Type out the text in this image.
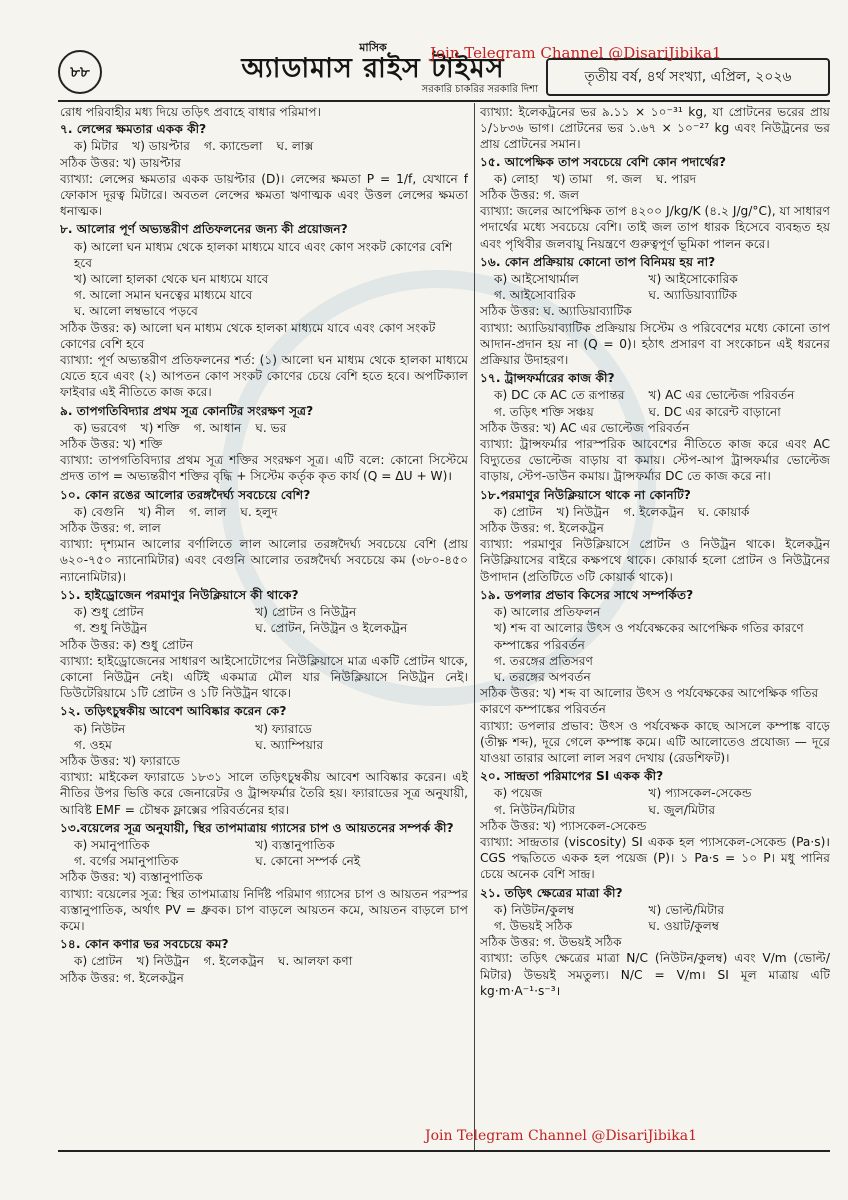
৮৮
মাসিক
অ্যাডামাস রাইস টাইমস
সরকারি চাকরির সরকারি দিশা
তৃতীয় বর্ষ, ৪র্থ সংখ্যা, এপ্রিল, ২০২৬
Join Telegram Channel @DisariJibika1

রোধ পরিবাহীর মধ্য দিয়ে তড়িৎ প্রবাহে বাধার পরিমাপ।

৭. লেন্সের ক্ষমতার একক কী?
ক) মিটার খ) ডায়প্টার গ. ক্যান্ডেলা ঘ. লাক্স
সঠিক উত্তর: খ) ডায়প্টার

ব্যাখ্যা: লেন্সের ক্ষমতার একক ডায়প্টার (D)। লেন্সের ক্ষমতা P = 1/f, যেখানে f ফোকাস দূরত্ব মিটারে। অবতল লেন্সের ক্ষমতা ঋণাত্মক এবং উত্তল লেন্সের ক্ষমতা ধনাত্মক।

৮. আলোর পূর্ণ অভ্যন্তরীণ প্রতিফলনের জন্য কী প্রয়োজন?
ক) আলো ঘন মাধ্যম থেকে হালকা মাধ্যমে যাবে এবং কোণ সংকট কোণের বেশি হবে
খ) আলো হালকা থেকে ঘন মাধ্যমে যাবে
গ. আলো সমান ঘনত্বের মাধ্যমে যাবে
ঘ. আলো লম্বভাবে পড়বে
সঠিক উত্তর: ক) আলো ঘন মাধ্যম থেকে হালকা মাধ্যমে যাবে এবং কোণ সংকট কোণের বেশি হবে

ব্যাখ্যা: পূর্ণ অভ্যন্তরীণ প্রতিফলনের শর্ত: (১) আলো ঘন মাধ্যম থেকে হালকা মাধ্যমে যেতে হবে এবং (২) আপতন কোণ সংকট কোণের চেয়ে বেশি হতে হবে। অপটিক্যাল ফাইবার এই নীতিতে কাজ করে।

৯. তাপগতিবিদ্যার প্রথম সূত্র কোনটির সংরক্ষণ সূত্র?
ক) ভরবেগ খ) শক্তি গ. আধান ঘ. ভর
সঠিক উত্তর: খ) শক্তি

ব্যাখ্যা: তাপগতিবিদ্যার প্রথম সূত্র শক্তির সংরক্ষণ সূত্র। এটি বলে: কোনো সিস্টেমে প্রদত্ত তাপ = অভ্যন্তরীণ শক্তির বৃদ্ধি + সিস্টেম কর্তৃক কৃত কার্য (Q = ΔU + W)।

১০. কোন রঙের আলোর তরঙ্গদৈর্ঘ্য সবচেয়ে বেশি?
ক) বেগুনি খ) নীল গ. লাল ঘ. হলুদ
সঠিক উত্তর: গ. লাল

ব্যাখ্যা: দৃশ্যমান আলোর বর্ণালিতে লাল আলোর তরঙ্গদৈর্ঘ্য সবচেয়ে বেশি (প্রায় ৬২০-৭৫০ ন্যানোমিটার) এবং বেগুনি আলোর তরঙ্গদৈর্ঘ্য সবচেয়ে কম (৩৮০-৪৫০ ন্যানোমিটার)।

১১. হাইড্রোজেন পরমাণুর নিউক্লিয়াসে কী থাকে?
ক) শুধু প্রোটন	খ) প্রোটন ও নিউট্রন
গ. শুধু নিউট্রন	ঘ. প্রোটন, নিউট্রন ও ইলেকট্রন
সঠিক উত্তর: ক) শুধু প্রোটন

ব্যাখ্যা: হাইড্রোজেনের সাধারণ আইসোটোপের নিউক্লিয়াসে মাত্র একটি প্রোটন থাকে, কোনো নিউট্রন নেই। এটিই একমাত্র মৌল যার নিউক্লিয়াসে নিউট্রন নেই। ডিউটেরিয়ামে ১টি প্রোটন ও ১টি নিউট্রন থাকে।

১২. তড়িৎচুম্বকীয় আবেশ আবিষ্কার করেন কে?
ক) নিউটন	খ) ফ্যারাডে
গ. ওহম	ঘ. অ্যাম্পিয়ার
সঠিক উত্তর: খ) ফ্যারাডে

ব্যাখ্যা: মাইকেল ফ্যারাডে ১৮৩১ সালে তড়িৎচুম্বকীয় আবেশ আবিষ্কার করেন। এই নীতির উপর ভিত্তি করে জেনারেটর ও ট্রান্সফর্মার তৈরি হয়। ফ্যারাডের সূত্র অনুযায়ী, আবিষ্ট EMF = চৌম্বক ফ্লাক্সের পরিবর্তনের হার।

১৩.বয়েলের সূত্র অনুযায়ী, স্থির তাপমাত্রায় গ্যাসের চাপ ও আয়তনের সম্পর্ক কী?
ক) সমানুপাতিক	খ) ব্যস্তানুপাতিক
গ. বর্গের সমানুপাতিক	ঘ. কোনো সম্পর্ক নেই
সঠিক উত্তর: খ) ব্যস্তানুপাতিক

ব্যাখ্যা: বয়েলের সূত্র: স্থির তাপমাত্রায় নির্দিষ্ট পরিমাণ গ্যাসের চাপ ও আয়তন পরস্পর ব্যস্তানুপাতিক, অর্থাৎ PV = ধ্রুবক। চাপ বাড়লে আয়তন কমে, আয়তন বাড়লে চাপ কমে।

১৪. কোন কণার ভর সবচেয়ে কম?
ক) প্রোটন খ) নিউট্রন গ. ইলেকট্রন ঘ. আলফা কণা
সঠিক উত্তর: গ. ইলেকট্রন

ব্যাখ্যা: ইলেকট্রনের ভর ৯.১১ × ১০⁻³¹ kg, যা প্রোটনের ভরের প্রায় ১/১৮৩৬ ভাগ। প্রোটনের ভর ১.৬৭ × ১০⁻²⁷ kg এবং নিউট্রনের ভর প্রায় প্রোটনের সমান।

১৫. আপেক্ষিক তাপ সবচেয়ে বেশি কোন পদার্থের?
ক) লোহা খ) তামা গ. জল ঘ. পারদ
সঠিক উত্তর: গ. জল

ব্যাখ্যা: জলের আপেক্ষিক তাপ ৪২০০ J/kg/K (৪.২ J/g/°C), যা সাধারণ পদার্থের মধ্যে সবচেয়ে বেশি। তাই জল তাপ ধারক হিসেবে ব্যবহৃত হয় এবং পৃথিবীর জলবায়ু নিয়ন্ত্রণে গুরুত্বপূর্ণ ভূমিকা পালন করে।

১৬. কোন প্রক্রিয়ায় কোনো তাপ বিনিময় হয় না?
ক) আইসোথার্মাল	খ) আইসোকোরিক
গ. আইসোবারিক	ঘ. অ্যাডিয়াব্যাটিক
সঠিক উত্তর: ঘ. অ্যাডিয়াব্যাটিক

ব্যাখ্যা: অ্যাডিয়াব্যাটিক প্রক্রিয়ায় সিস্টেম ও পরিবেশের মধ্যে কোনো তাপ আদান-প্রদান হয় না (Q = 0)। হঠাৎ প্রসারণ বা সংকোচন এই ধরনের প্রক্রিয়ার উদাহরণ।

১৭. ট্রান্সফর্মারের কাজ কী?
ক) DC কে AC তে রূপান্তর	খ) AC এর ভোল্টেজ পরিবর্তন
গ. তড়িৎ শক্তি সঞ্চয়	ঘ. DC এর কারেন্ট বাড়ানো
সঠিক উত্তর: খ) AC এর ভোল্টেজ পরিবর্তন

ব্যাখ্যা: ট্রান্সফর্মার পারস্পরিক আবেশের নীতিতে কাজ করে এবং AC বিদ্যুতের ভোল্টেজ বাড়ায় বা কমায়। স্টেপ-আপ ট্রান্সফর্মার ভোল্টেজ বাড়ায়, স্টেপ-ডাউন কমায়। ট্রান্সফর্মার DC তে কাজ করে না।

১৮.পরমাণুর নিউক্লিয়াসে থাকে না কোনটি?
ক) প্রোটন খ) নিউট্রন গ. ইলেকট্রন ঘ. কোয়ার্ক
সঠিক উত্তর: গ. ইলেকট্রন

ব্যাখ্যা: পরমাণুর নিউক্লিয়াসে প্রোটন ও নিউট্রন থাকে। ইলেকট্রন নিউক্লিয়াসের বাইরে কক্ষপথে থাকে। কোয়ার্ক হলো প্রোটন ও নিউট্রনের উপাদান (প্রতিটিতে ৩টি কোয়ার্ক থাকে)।

১৯. ডপলার প্রভাব কিসের সাথে সম্পর্কিত?
ক) আলোর প্রতিফলন
খ) শব্দ বা আলোর উৎস ও পর্যবেক্ষকের আপেক্ষিক গতির কারণে কম্পাঙ্কের পরিবর্তন
গ. তরঙ্গের প্রতিসরণ
ঘ. তরঙ্গের অপবর্তন
সঠিক উত্তর: খ) শব্দ বা আলোর উৎস ও পর্যবেক্ষকের আপেক্ষিক গতির কারণে কম্পাঙ্কের পরিবর্তন

ব্যাখ্যা: ডপলার প্রভাব: উৎস ও পর্যবেক্ষক কাছে আসলে কম্পাঙ্ক বাড়ে (তীক্ষ্ণ শব্দ), দূরে গেলে কম্পাঙ্ক কমে। এটি আলোতেও প্রযোজ্য — দূরে যাওয়া তারার আলো লাল সরণ দেখায় (রেডশিফট)।

২০. সান্দ্রতা পরিমাপের SI একক কী?
ক) পয়েজ	খ) প্যাসকেল-সেকেন্ড
গ. নিউটন/মিটার	ঘ. জুল/মিটার
সঠিক উত্তর: খ) প্যাসকেল-সেকেন্ড

ব্যাখ্যা: সান্দ্রতার (viscosity) SI একক হল প্যাসকেল-সেকেন্ড (Pa·s)। CGS পদ্ধতিতে একক হল পয়েজ (P)। ১ Pa·s = ১০ P। মধু পানির চেয়ে অনেক বেশি সান্দ্র।

২১. তড়িৎ ক্ষেত্রের মাত্রা কী?
ক) নিউটন/কুলম্ব	খ) ভোল্ট/মিটার
গ. উভয়ই সঠিক	ঘ. ওয়াট/কুলম্ব
সঠিক উত্তর: গ. উভয়ই সঠিক

ব্যাখ্যা: তড়িৎ ক্ষেত্রের মাত্রা N/C (নিউটন/কুলম্ব) এবং V/m (ভোল্ট/মিটার) উভয়ই সমতুল্য। N/C = V/m। SI মূল মাত্রায় এটি kg·m·A⁻¹·s⁻³।

Join Telegram Channel @DisariJibika1
